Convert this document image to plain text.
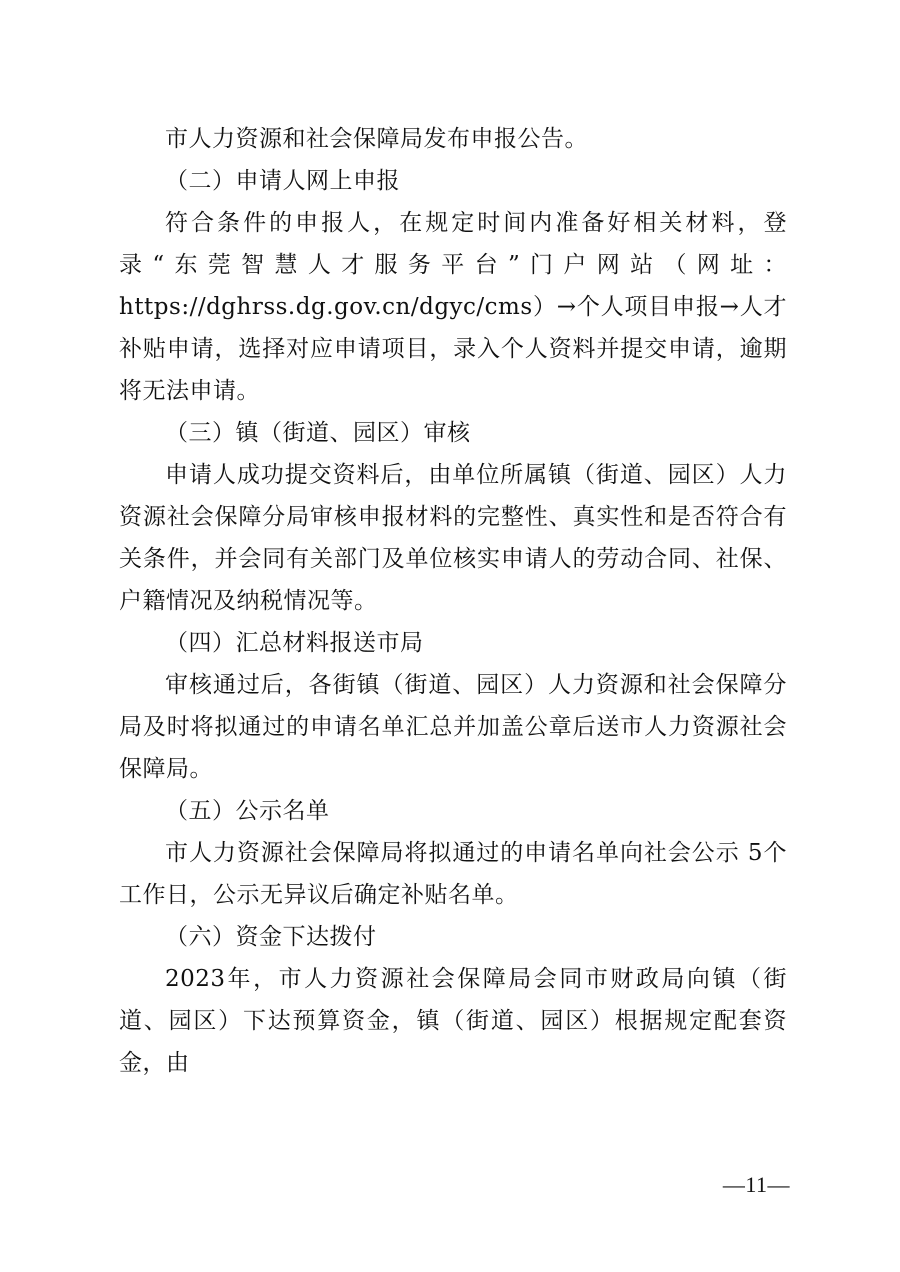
市人力资源和社会保障局发布申报公告。

（二）申请人网上申报

符合条件的申报人，在规定时间内准备好相关材料，登录“东莞智慧人才服务平台”门户网站（网址：https://dghrss.dg.gov.cn/dgyc/cms）→个人项目申报→人才补贴申请，选择对应申请项目，录入个人资料并提交申请，逾期将无法申请。

（三）镇（街道、园区）审核

申请人成功提交资料后，由单位所属镇（街道、园区）人力资源社会保障分局审核申报材料的完整性、真实性和是否符合有关条件，并会同有关部门及单位核实申请人的劳动合同、社保、户籍情况及纳税情况等。

（四）汇总材料报送市局

审核通过后，各街镇（街道、园区）人力资源和社会保障分局及时将拟通过的申请名单汇总并加盖公章后送市人力资源社会保障局。

（五）公示名单

市人力资源社会保障局将拟通过的申请名单向社会公示 5个工作日，公示无异议后确定补贴名单。

（六）资金下达拨付

2023年，市人力资源社会保障局会同市财政局向镇（街道、园区）下达预算资金，镇（街道、园区）根据规定配套资金，由

—11—
